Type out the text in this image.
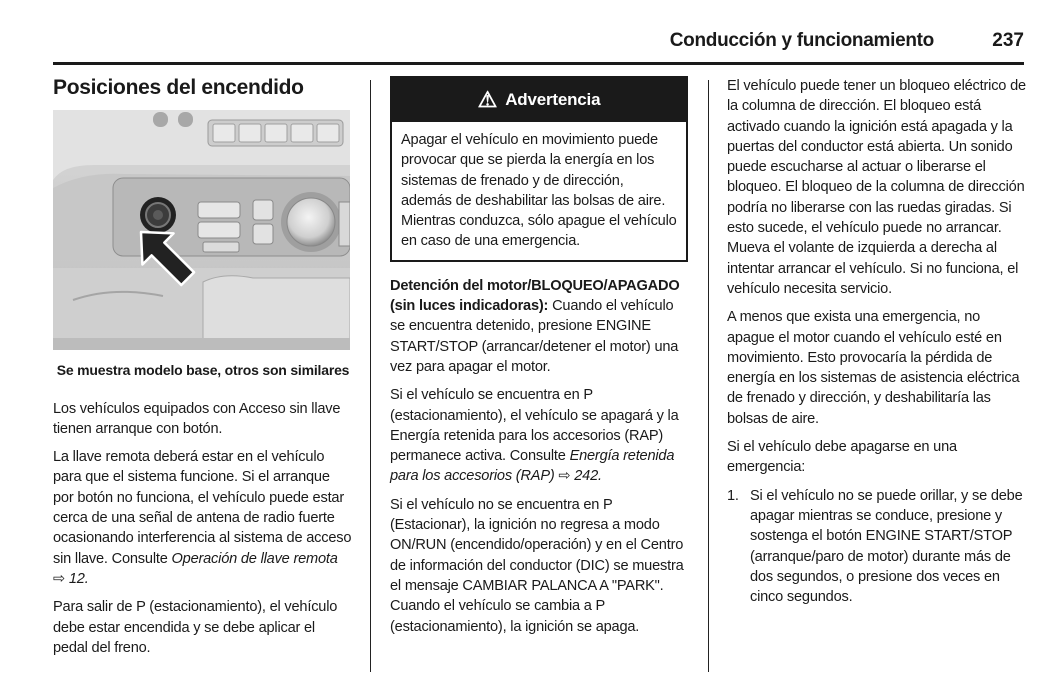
Conducción y funcionamiento	237
Posiciones del encendido
Se muestra modelo base, otros son similares

Los vehículos equipados con Acceso sin llave tienen arranque con botón.

La llave remota deberá estar en el vehículo para que el sistema funcione. Si el arranque por botón no funciona, el vehículo puede estar cerca de una señal de antena de radio fuerte ocasionando interferencia al sistema de acceso sin llave. Consulte Operación de llave remota
⇨ 12.

Para salir de P (estacionamiento), el vehículo debe estar encendida y se debe aplicar el pedal del freno.

⚠ Advertencia
Apagar el vehículo en movimiento puede provocar que se pierda la energía en los sistemas de frenado y de dirección, además de deshabilitar las bolsas de aire. Mientras conduzca, sólo apague el vehículo en caso de una emergencia.

Detención del motor/BLOQUEO/APAGADO (sin luces indicadoras): Cuando el vehículo se encuentra detenido, presione ENGINE START/STOP (arrancar/detener el motor) una vez para apagar el motor.

Si el vehículo se encuentra en P (estacionamiento), el vehículo se apagará y la Energía retenida para los accesorios (RAP) permanece activa. Consulte Energía retenida para los accesorios (RAP) ⇨ 242.

Si el vehículo no se encuentra en P (Estacionar), la ignición no regresa a modo ON/RUN (encendido/operación) y en el Centro de información del conductor (DIC) se muestra el mensaje CAMBIAR PALANCA A "PARK". Cuando el vehículo se cambia a P (estacionamiento), la ignición se apaga.

El vehículo puede tener un bloqueo eléctrico de la columna de dirección. El bloqueo está activado cuando la ignición está apagada y la puertas del conductor está abierta. Un sonido puede escucharse al actuar o liberarse el bloqueo. El bloqueo de la columna de dirección podría no liberarse con las ruedas giradas. Si esto sucede, el vehículo puede no arrancar. Mueva el volante de izquierda a derecha al intentar arrancar el vehículo. Si no funciona, el vehículo necesita servicio.

A menos que exista una emergencia, no apague el motor cuando el vehículo esté en movimiento. Esto provocaría la pérdida de energía en los sistemas de asistencia eléctrica de frenado y dirección, y deshabilitaría las bolsas de aire.

Si el vehículo debe apagarse en una emergencia:

1. Si el vehículo no se puede orillar, y se debe apagar mientras se conduce, presione y sostenga el botón ENGINE START/STOP (arranque/paro de motor) durante más de dos segundos, o presione dos veces en cinco segundos.
